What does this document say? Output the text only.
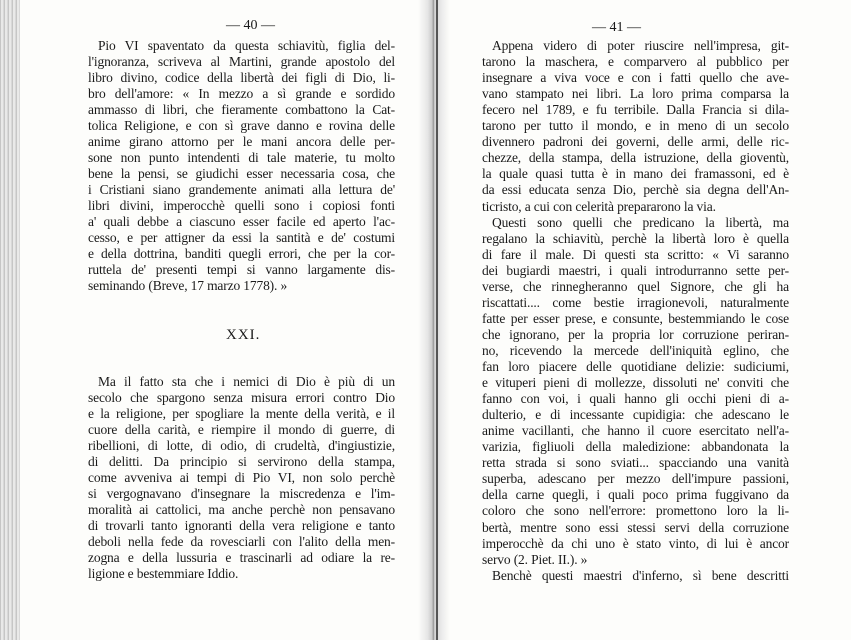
— 40 —
XXI.
Pio VI spaventato da questa schiavitù, figlia del-
l'ignoranza, scriveva al Martini, grande apostolo del
libro divino, codice della libertà dei figli di Dio, li-
bro dell'amore: « In mezzo a sì grande e sordido
ammasso di libri, che fieramente combattono la Cat-
tolica Religione, e con sì grave danno e rovina delle
anime girano attorno per le mani ancora delle per-
sone non punto intendenti di tale materie, tu molto
bene la pensi, se giudichi esser necessaria cosa, che
i Cristiani siano grandemente animati alla lettura de'
libri divini, imperocchè quelli sono i copiosi fonti
a' quali debbe a ciascuno esser facile ed aperto l'ac-
cesso, e per attigner da essi la santità e de' costumi
e della dottrina, banditi quegli errori, che per la cor-
ruttela de' presenti tempi si vanno largamente dis-
seminando (Breve, 17 marzo 1778). »
Ma il fatto sta che i nemici di Dio è più di un
secolo che spargono senza misura errori contro Dio
e la religione, per spogliare la mente della verità, e il
cuore della carità, e riempire il mondo di guerre, di
ribellioni, di lotte, di odio, di crudeltà, d'ingiustizie,
di delitti. Da principio si servirono della stampa,
come avveniva ai tempi di Pio VI, non solo perchè
si vergognavano d'insegnare la miscredenza e l'im-
moralità ai cattolici, ma anche perchè non pensavano
di trovarli tanto ignoranti della vera religione e tanto
deboli nella fede da rovesciarli con l'alito della men-
zogna e della lussuria e trascinarli ad odiare la re-
ligione e bestemmiare Iddio.
— 41 —
Appena videro di poter riuscire nell'impresa, git-
tarono la maschera, e comparvero al pubblico per
insegnare a viva voce e con i fatti quello che ave-
vano stampato nei libri. La loro prima comparsa la
fecero nel 1789, e fu terribile. Dalla Francia si dila-
tarono per tutto il mondo, e in meno di un secolo
divennero padroni dei governi, delle armi, delle ric-
chezze, della stampa, della istruzione, della gioventù,
la quale quasi tutta è in mano dei framassoni, ed è
da essi educata senza Dio, perchè sia degna dell'An-
ticristo, a cui con celerità prepararono la via.
Questi sono quelli che predicano la libertà, ma
regalano la schiavitù, perchè la libertà loro è quella
di fare il male. Di questi sta scritto: « Vi saranno
dei bugiardi maestri, i quali introdurranno sette per-
verse, che rinnegheranno quel Signore, che gli ha
riscattati.... come bestie irragionevoli, naturalmente
fatte per esser prese, e consunte, bestemmiando le cose
che ignorano, per la propria lor corruzione periran-
no, ricevendo la mercede dell'iniquità eglino, che
fan loro piacere delle quotidiane delizie: sudiciumi,
e vituperi pieni di mollezze, dissoluti ne' conviti che
fanno con voi, i quali hanno gli occhi pieni di a-
dulterio, e di incessante cupidigia: che adescano le
anime vacillanti, che hanno il cuore esercitato nell'a-
varizia, figliuoli della maledizione: abbandonata la
retta strada si sono sviati... spacciando una vanità
superba, adescano per mezzo dell'impure passioni,
della carne quegli, i quali poco prima fuggivano da
coloro che sono nell'errore: promettono loro la li-
bertà, mentre sono essi stessi servi della corruzione
imperocchè da chi uno è stato vinto, di lui è ancor
servo (2. Piet. II.). »
Benchè questi maestri d'inferno, sì bene descritti
